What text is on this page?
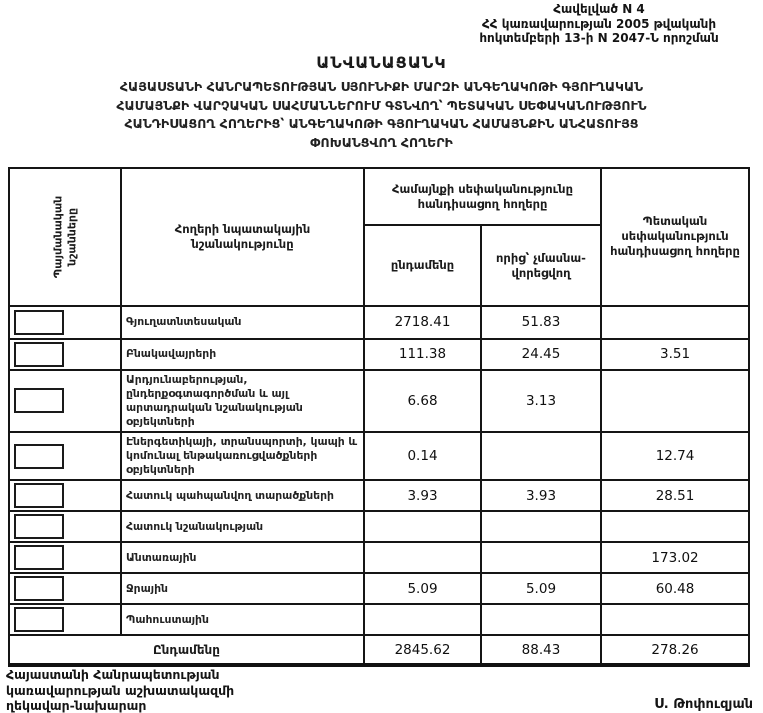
Հավելված N 4
ՀՀ կառավարության 2005 թվականի
հոկտեմբերի 13-ի N 2047-Ն որոշման
ԱՆՎԱՆԱՑԱՆԿ
ՀԱՅԱՍՏԱՆԻ ՀԱՆՐԱՊԵՏՈՒԹՅԱՆ ՍՅՈՒՆԻՔԻ ՄԱՐԶԻ ԱՆԳԵՂԱԿՈԹԻ ԳՅՈՒՂԱԿԱՆ
ՀԱՄԱՅՆՔԻ ՎԱՐՉԱԿԱՆ ՍԱՀՄԱՆՆԵՐՈՒՄ ԳՏՆՎՈՂ՝ ՊԵՏԱԿԱՆ ՍԵՓԱԿԱՆՈՒԹՅՈՒՆ
ՀԱՆԴԻՍԱՑՈՂ ՀՈՂԵՐԻՑ՝ ԱՆԳԵՂԱԿՈԹԻ ԳՅՈՒՂԱԿԱՆ ՀԱՄԱՅՆՔԻՆ ԱՆՀԱՏՈՒՅՑ
ՓՈԽԱՆՑՎՈՂ ՀՈՂԵՐԻ
Պայմանական նշանները	Հողերի նպատակային նշանակությունը	Համայնքի սեփականությունը հանդիսացող հողերը		Պետական սեփականություն հանդիսացող հողերը
		ընդամենը	որից՝ չմասնա-վորեցվող	

	Գյուղատնտեսական	2718.41	51.83	

	Բնակավայրերի	111.38	24.45	3.51

	Արդյունաբերության, ընդերքօգտագործման և այլ արտադրական նշանակության օբյեկտների	6.68	3.13	

	Էներգետիկայի, տրանսպորտի, կապի և կոմունալ ենթակառուցվածքների օբյեկտների	0.14		12.74

	Հատուկ պահպանվող տարածքների	3.93	3.93	28.51

	Հատուկ նշանակության			

	Անտառային			173.02

	Ջրային	5.09	5.09	60.48

	Պահուստային			
Ընդամենը		2845.62	88.43	278.26
Հայաստանի Հանրապետության
կառավարության աշխատակազմի
ղեկավար-նախարար	Ս. Թոփուզյան
